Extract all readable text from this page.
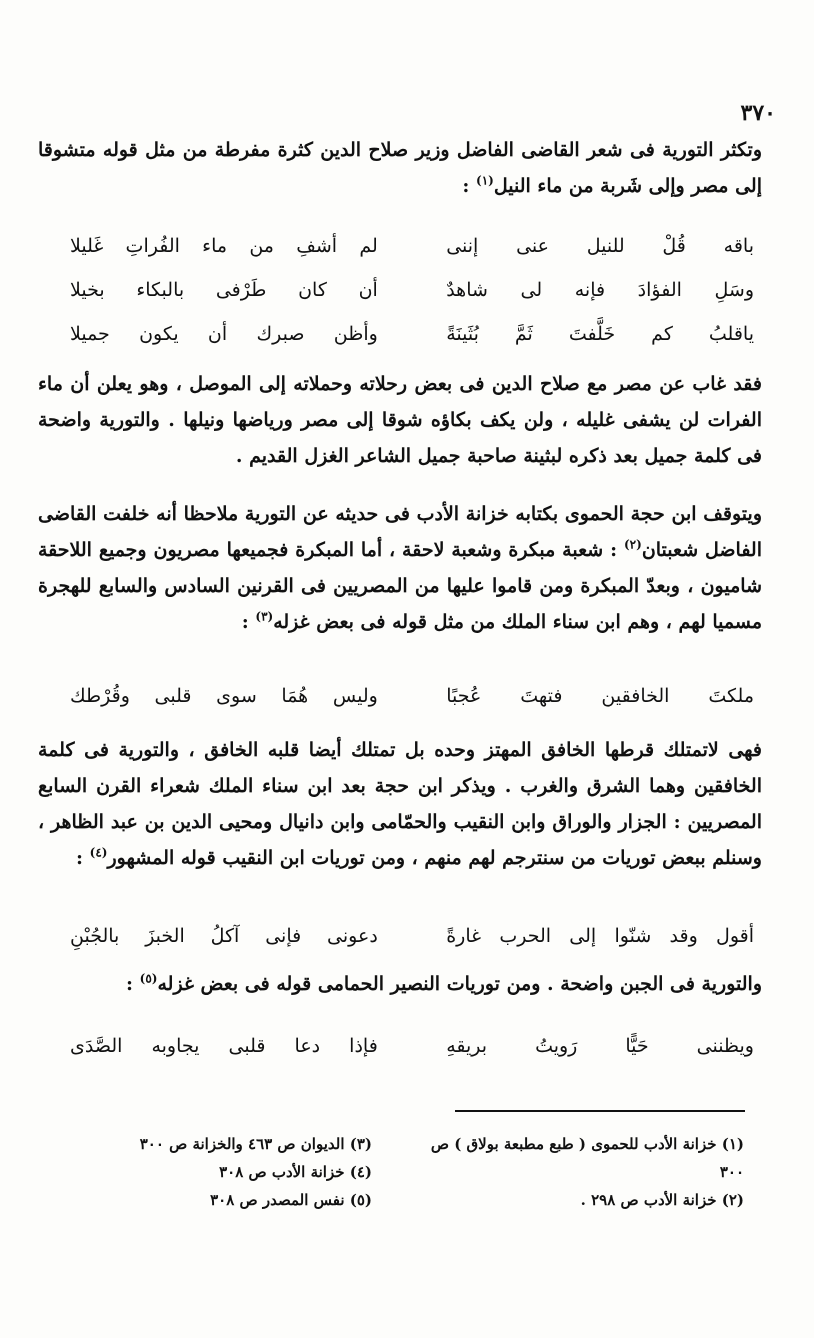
٣٧٠
وتكثر التورية فى شعر القاضى الفاضل وزير صلاح الدين كثرة مفرطة من مثل قوله متشوقا إلى مصر وإلى شَربة من ماء النيل$^{(١)}$ :
باقه قُلْ للنيل عنى إننى
لم أشفِ من ماء الفُراتِ غَليلا
وسَلِ الفؤادَ فإنه لى شاهدٌ
أن كان طَرْفى بالبكاء بخيلا
ياقلبُ كم خَلَّفتَ ثَمَّ بُثَينَةً
وأظن صبرك أن يكون جميلا
فقد غاب عن مصر مع صلاح الدين فى بعض رحلاته وحملاته إلى الموصل ، وهو يعلن أن ماء الفرات لن يشفى غليله ، ولن يكف بكاؤه شوقا إلى مصر ورياضها ونيلها . والتورية واضحة فى كلمة جميل بعد ذكره لبثينة صاحبة جميل الشاعر الغزل القديم .
ويتوقف ابن حجة الحموى بكتابه خزانة الأدب فى حديثه عن التورية ملاحظا أنه خلفت القاضى الفاضل شعبتان$^{(٢)}$ : شعبة مبكرة وشعبة لاحقة ، أما المبكرة فجميعها مصريون وجميع اللاحقة شاميون ، وبعدّ المبكرة ومن قاموا عليها من المصريين فى القرنين السادس والسابع للهجرة مسميا لهم ، وهم ابن سناء الملك من مثل قوله فى بعض غزله$^{(٣)}$ :
ملكتَ الخافقين فتهتَ عُجبًا
وليس هُمَا سوى قلبى وقُرْطك
فهى لاتمتلك قرطها الخافق المهتز وحده بل تمتلك أيضا قلبه الخافق ، والتورية فى كلمة الخافقين وهما الشرق والغرب . ويذكر ابن حجة بعد ابن سناء الملك شعراء القرن السابع المصريين : الجزار والوراق وابن النقيب والحمّامى وابن دانيال ومحيى الدين بن عبد الظاهر ، وسنلم ببعض توريات من سنترجم لهم منهم ، ومن توريات ابن النقيب قوله المشهور$^{(٤)}$ :
أقول وقد شنّوا إلى الحرب غارةً
دعونى فإنى آكلُ الخبزَ بالجُبْنِ
والتورية فى الجبن واضحة . ومن توريات النصير الحمامى قوله فى بعض غزله$^{(٥)}$ :
ويظننى حَيًّا رَويتُ بريقهِ
فإذا دعا قلبى يجاوبه الصَّدَى
(١) خزانة الأدب للحموى ( طبع مطبعة بولاق ) ص
٣٠٠
(٢) خزانة الأدب ص ٢٩٨ .
(٣) الديوان ص ٤٦٣ والخزانة ص ٣٠٠
(٤) خزانة الأدب ص ٣٠٨
(٥) نفس المصدر ص ٣٠٨
